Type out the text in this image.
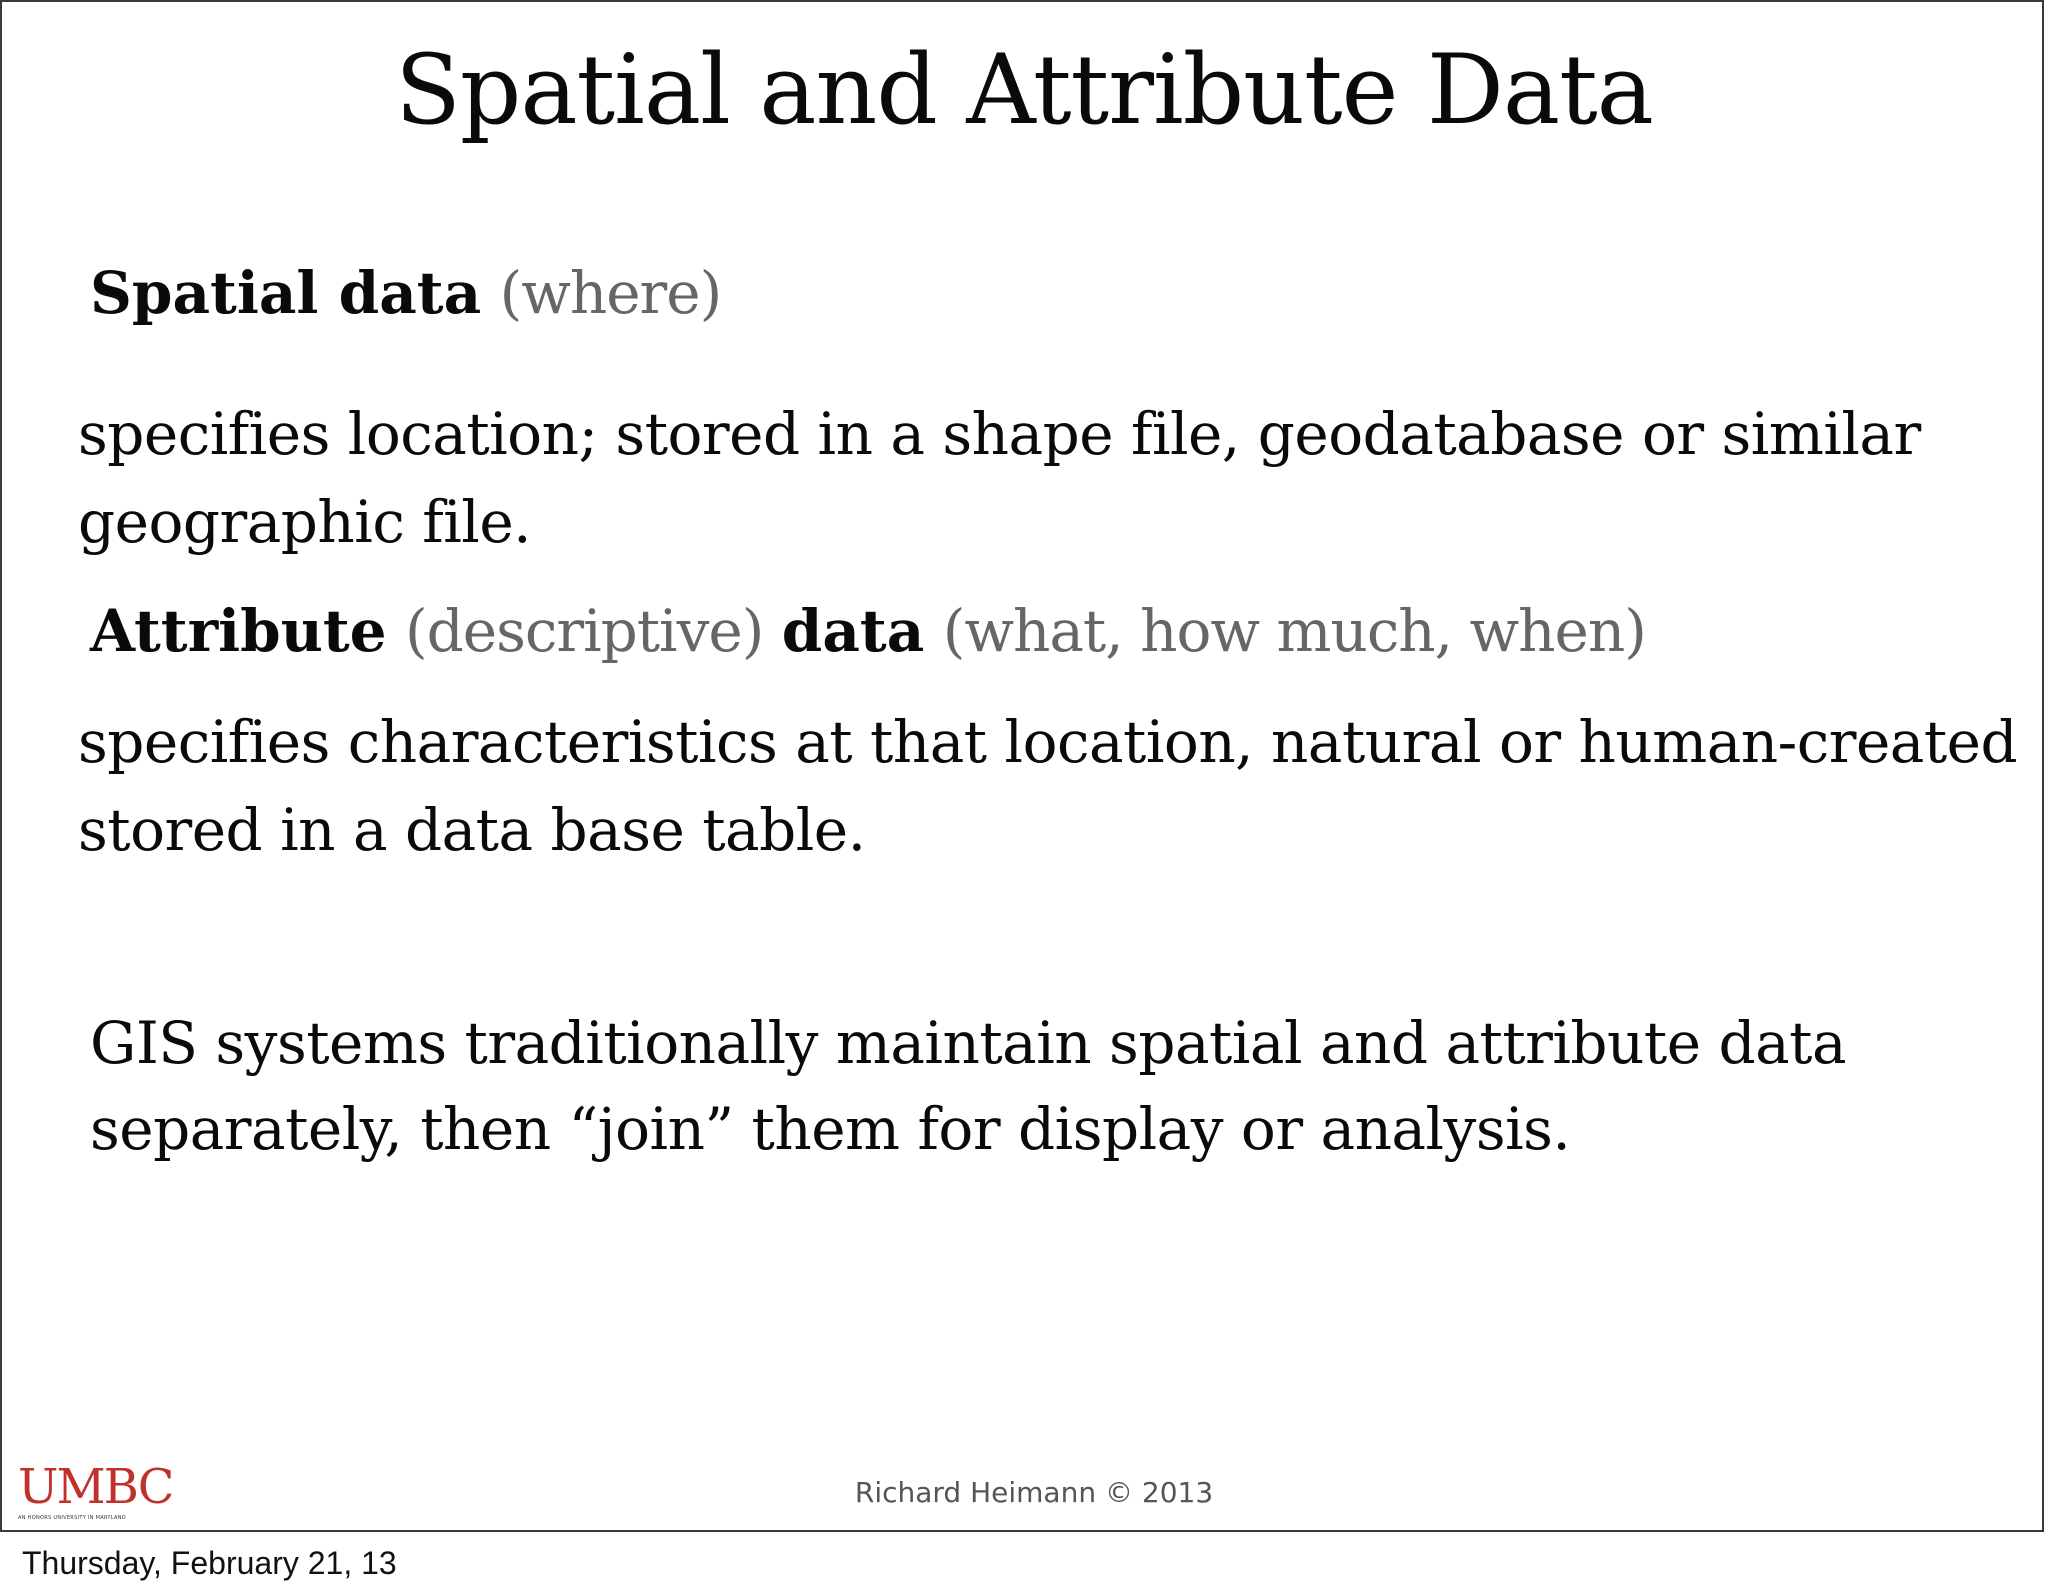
Spatial and Attribute Data
Spatial data (where)
specifies location; stored in a shape file, geodatabase or similar geographic file.
Attribute (descriptive) data (what, how much, when)
specifies characteristics at that location, natural or human-created stored in a data base table.
GIS systems traditionally maintain spatial and attribute data separately, then “join” them for display or analysis.
UMBC
AN HONORS UNIVERSITY IN MARYLAND
Richard Heimann © 2013
Thursday, February 21, 13
